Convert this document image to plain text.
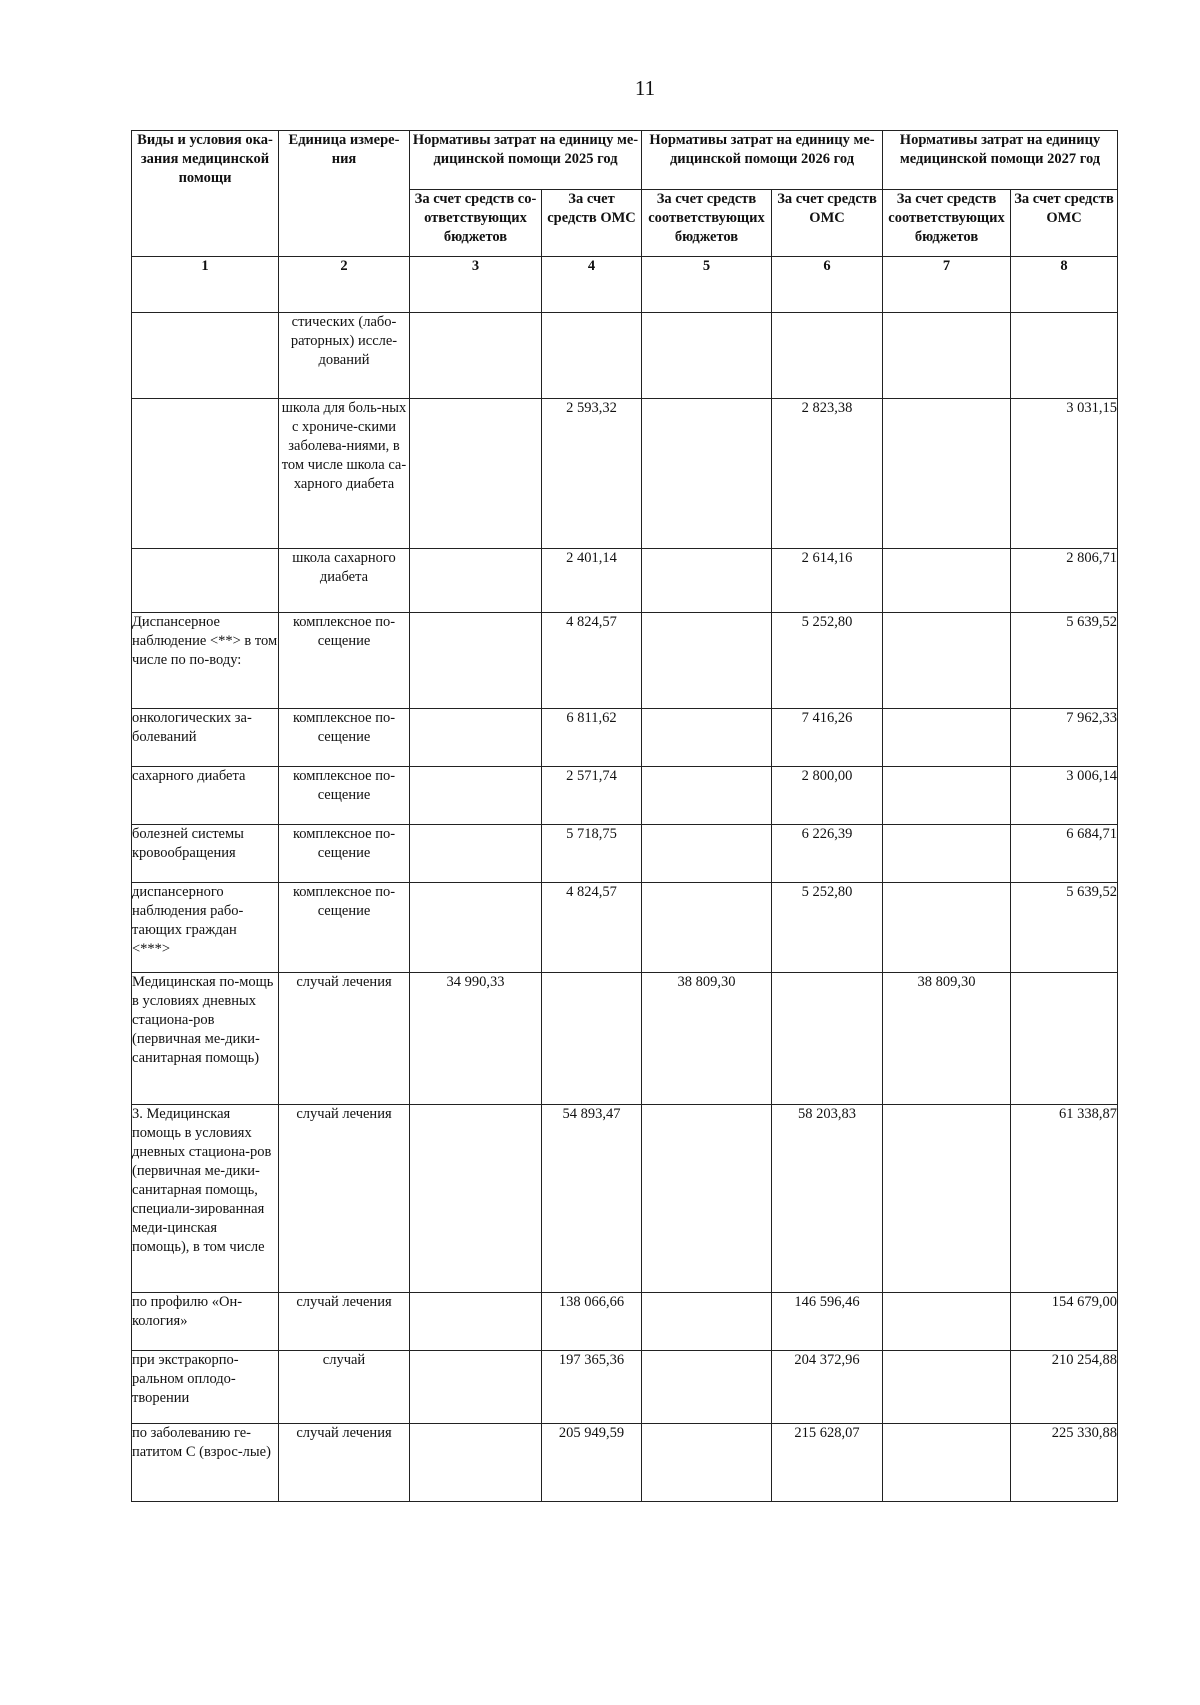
11
Виды и условия ока-зания медицинской помощи	Единица измере-ния	Нормативы затрат на единицу ме-дицинской помощи 2025 год		Нормативы затрат на единицу ме-дицинской помощи 2026 год		Нормативы затрат на единицу медицинской помощи 2027 год	
		За счет средств со-ответствующих бюджетов	За счет средств ОМС	За счет средств соответствующих бюджетов	За счет средств ОМС	За счет средств соответствующих бюджетов	За счет средств ОМС
1	2	3	4	5	6	7	8
	стических (лабо-раторных) иссле-дований						
	школа для боль-ных с хрониче-скими заболева-ниями, в том числе школа са-харного диабета		2 593,32		2 823,38		3 031,15
	школа сахарного диабета		2 401,14		2 614,16		2 806,71
Диспансерное наблюдение <**> в том числе по по-воду:	комплексное по-сещение		4 824,57		5 252,80		5 639,52
онкологических за-болеваний	комплексное по-сещение		6 811,62		7 416,26		7 962,33
сахарного диабета	комплексное по-сещение		2 571,74		2 800,00		3 006,14
болезней системы кровообращения	комплексное по-сещение		5 718,75		6 226,39		6 684,71
диспансерного наблюдения рабо-тающих граждан <***>	комплексное по-сещение		4 824,57		5 252,80		5 639,52
Медицинская по-мощь в условиях дневных стациона-ров (первичная ме-дики-санитарная помощь)	случай лечения	34 990,33		38 809,30		38 809,30	
3. Медицинская помощь в условиях дневных стациона-ров (первичная ме-дики-санитарная помощь, специали-зированная меди-цинская помощь), в том числе	случай лечения		54 893,47		58 203,83		61 338,87
по профилю «Он-кология»	случай лечения		138 066,66		146 596,46		154 679,00
при экстракорпо-ральном оплодо-творении	случай		197 365,36		204 372,96		210 254,88
по заболеванию ге-патитом С (взрос-лые)	случай лечения		205 949,59		215 628,07		225 330,88
